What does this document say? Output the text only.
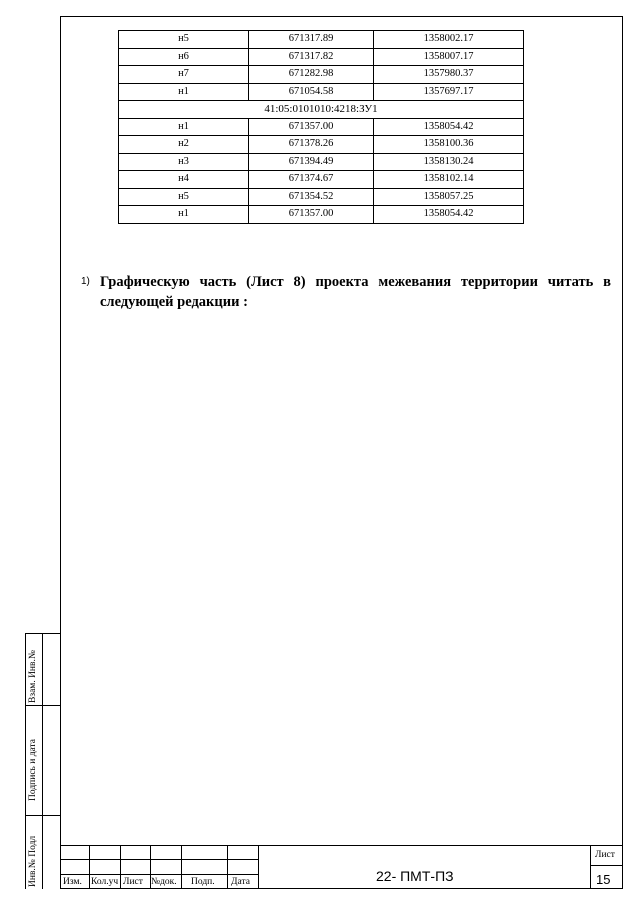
н5	671317.89	1358002.17
н6	671317.82	1358007.17
н7	671282.98	1357980.37
н1	671054.58	1357697.17
41:05:0101010:4218:ЗУ1		
н1	671357.00	1358054.42
н2	671378.26	1358100.36
н3	671394.49	1358130.24
н4	671374.67	1358102.14
н5	671354.52	1358057.25
н1	671357.00	1358054.42
1) Графическую часть (Лист 8) проекта межевания территории читать в следующей редакции :
Взам. Инв.№
Подпись и дата
Инв.№ Подл	Изм. Кол.уч Лист №док. Подп. Дата	22- ПМТ-ПЗ
Лист
15
